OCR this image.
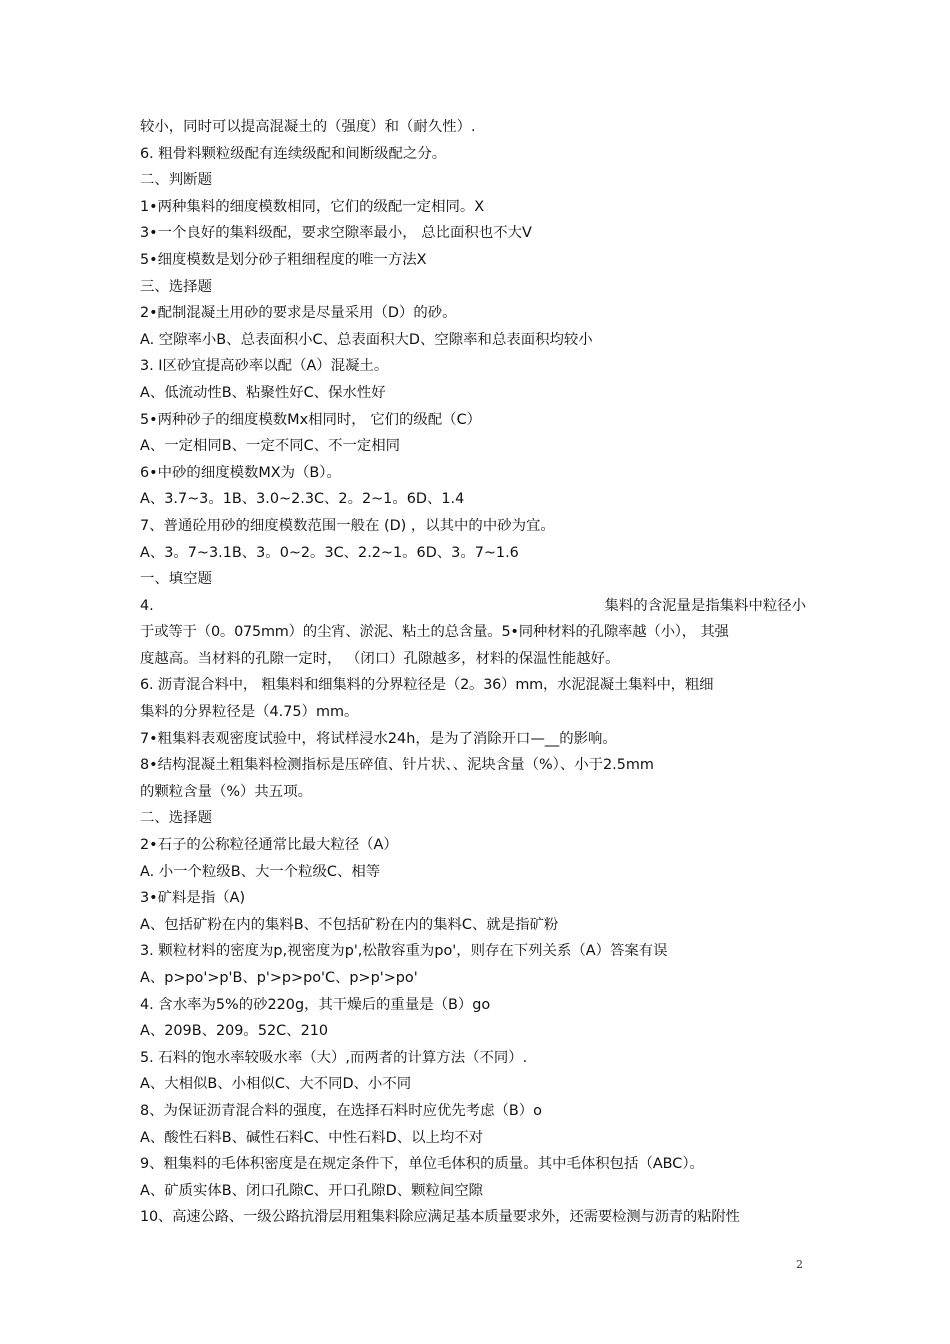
较小，同时可以提高混凝土的（强度）和（耐久性）.
6. 粗骨料颗粒级配有连续级配和间断级配之分。
二、判断题
1•两种集料的细度模数相同，它们的级配一定相同。X
3•一个良好的集料级配，要求空隙率最小， 总比面积也不大V
5•细度模数是划分砂子粗细程度的唯一方法X
三、选择题
2•配制混凝土用砂的要求是尽量采用（D）的砂。
A. 空隙率小B、总表面积小C、总表面积大D、空隙率和总表面积均较小
3. I区砂宜提高砂率以配（A）混凝土。
A、低流动性B、粘聚性好C、保水性好
5•两种砂子的细度模数Mx相同时， 它们的级配（C）
A、一定相同B、一定不同C、不一定相同
6•中砂的细度模数MX为（B）。
A、3.7~3。1B、3.0~2.3C、2。2~1。6D、1.4
7、普通砼用砂的细度模数范围一般在 (D) ，以其中的中砂为宜。
A、3。7~3.1B、3。0~2。3C、2.2~1。6D、3。7~1.6
一、填空题
4.	集料的含泥量是指集料中粒径小
于或等于（0。075mm）的尘宵、淤泥、粘土的总含量。5•同种材料的孔隙率越（小）， 其强
度越高。当材料的孔隙一定时， （闭口）孔隙越多，材料的保温性能越好。
6. 沥青混合料中， 粗集料和细集料的分界粒径是（2。36）mm，水泥混凝土集料中，粗细
集料的分界粒径是（4.75）mm。
7•粗集料表观密度试验中，将试样浸水24h，是为了消除开口—__的影响。
8•结构混凝土粗集料检测指标是压碎值、针片状、、泥块含量（%）、小于2.5mm
的颗粒含量（%）共五项。
二、选择题
2•石子的公称粒径通常比最大粒径（A）
A. 小一个粒级B、大一个粒级C、相等
3•矿料是指（A)
A、包括矿粉在内的集料B、不包括矿粉在内的集料C、就是指矿粉
3. 颗粒材料的密度为p,视密度为p',松散容重为po'，则存在下列关系（A）答案有误
A、p>po'>p'B、p'>p>po'C、p>p'>po'
4. 含水率为5%的砂220g，其干燥后的重量是（B）go
A、209B、209。52C、210
5. 石料的饱水率较吸水率（大）,而两者的计算方法（不同）.
A、大相似B、小相似C、大不同D、小不同
8、为保证沥青混合料的强度，在选择石料时应优先考虑（B）o
A、酸性石料B、碱性石料C、中性石料D、以上均不对
9、粗集料的毛体积密度是在规定条件下，单位毛体积的质量。其中毛体积包括（ABC）。
A、矿质实体B、闭口孔隙C、开口孔隙D、颗粒间空隙
10、高速公路、一级公路抗滑层用粗集料除应满足基本质量要求外，还需要检测与沥青的粘附性
2
